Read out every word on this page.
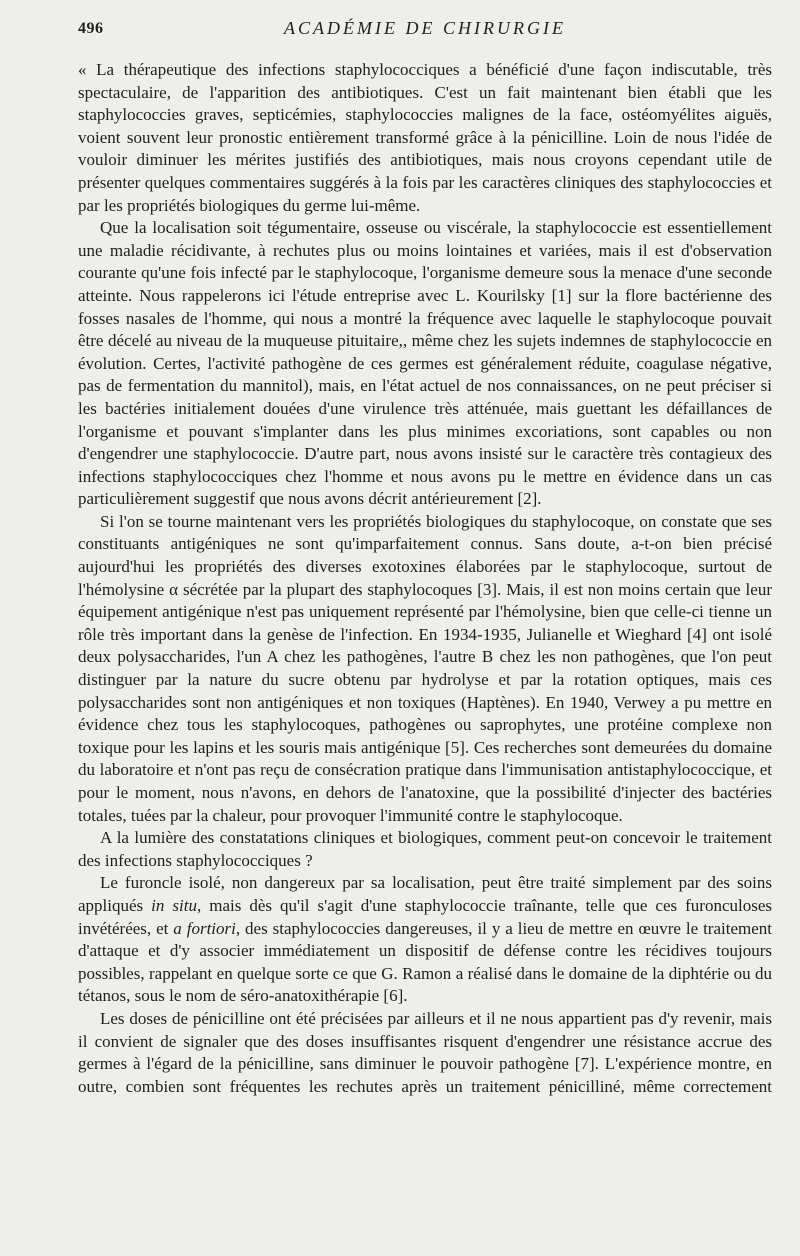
496	ACADÉMIE DE CHIRURGIE

« La thérapeutique des infections staphylococciques a bénéficié d'une façon indiscutable, très spectaculaire, de l'apparition des antibiotiques. C'est un fait maintenant bien établi que les staphylococcies graves, septicémies, staphylococcies malignes de la face, ostéomyélites aiguës, voient souvent leur pronostic entièrement transformé grâce à la pénicilline. Loin de nous l'idée de vouloir diminuer les mérites justifiés des antibiotiques, mais nous croyons cependant utile de présenter quelques commentaires suggérés à la fois par les caractères cliniques des staphylococcies et par les propriétés biologiques du germe lui-même.

Que la localisation soit tégumentaire, osseuse ou viscérale, la staphylococcie est essentiellement une maladie récidivante, à rechutes plus ou moins lointaines et variées, mais il est d'observation courante qu'une fois infecté par le staphylocoque, l'organisme demeure sous la menace d'une seconde atteinte. Nous rappelerons ici l'étude entreprise avec L. Kourilsky [1] sur la flore bactérienne des fosses nasales de l'homme, qui nous a montré la fréquence avec laquelle le staphylocoque pouvait être décelé au niveau de la muqueuse pituitaire,, même chez les sujets indemnes de staphylococcie en évolution. Certes, l'activité pathogène de ces germes est généralement réduite, coagulase négative, pas de fermentation du mannitol), mais, en l'état actuel de nos connaissances, on ne peut préciser si les bactéries initialement douées d'une virulence très atténuée, mais guettant les défaillances de l'organisme et pouvant s'implanter dans les plus minimes excoriations, sont capables ou non d'engendrer une staphylococcie. D'autre part, nous avons insisté sur le caractère très contagieux des infections staphylococciques chez l'homme et nous avons pu le mettre en évidence dans un cas particulièrement suggestif que nous avons décrit antérieurement [2].

Si l'on se tourne maintenant vers les propriétés biologiques du staphylocoque, on constate que ses constituants antigéniques ne sont qu'imparfaitement connus. Sans doute, a-t-on bien précisé aujourd'hui les propriétés des diverses exotoxines élaborées par le staphylocoque, surtout de l'hémolysine α sécrétée par la plupart des staphylocoques [3]. Mais, il est non moins certain que leur équipement antigénique n'est pas uniquement représenté par l'hémolysine, bien que celle-ci tienne un rôle très important dans la genèse de l'infection. En 1934-1935, Julianelle et Wieghard [4] ont isolé deux polysaccharides, l'un A chez les pathogènes, l'autre B chez les non pathogènes, que l'on peut distinguer par la nature du sucre obtenu par hydrolyse et par la rotation optiques, mais ces polysaccharides sont non antigéniques et non toxiques (Haptènes). En 1940, Verwey a pu mettre en évidence chez tous les staphylocoques, pathogènes ou saprophytes, une protéine complexe non toxique pour les lapins et les souris mais antigénique [5]. Ces recherches sont demeurées du domaine du laboratoire et n'ont pas reçu de consécration pratique dans l'immunisation antistaphylococcique, et pour le moment, nous n'avons, en dehors de l'anatoxine, que la possibilité d'injecter des bactéries totales, tuées par la chaleur, pour provoquer l'immunité contre le staphylocoque.

A la lumière des constatations cliniques et biologiques, comment peut-on concevoir le traitement des infections staphylococciques ?

Le furoncle isolé, non dangereux par sa localisation, peut être traité simplement par des soins appliqués in situ, mais dès qu'il s'agit d'une staphylococcie traînante, telle que ces furonculoses invétérées, et a fortiori, des staphylococcies dangereuses, il y a lieu de mettre en œuvre le traitement d'attaque et d'y associer immédiatement un dispositif de défense contre les récidives toujours possibles, rappelant en quelque sorte ce que G. Ramon a réalisé dans le domaine de la diphtérie ou du tétanos, sous le nom de séro-anatoxithérapie [6].

Les doses de pénicilline ont été précisées par ailleurs et il ne nous appartient pas d'y revenir, mais il convient de signaler que des doses insuffisantes risquent d'engendrer une résistance accrue des germes à l'égard de la pénicilline, sans diminuer le pouvoir pathogène [7]. L'expérience montre, en outre, combien sont fréquentes les rechutes après un traitement pénicilliné, même correctement
